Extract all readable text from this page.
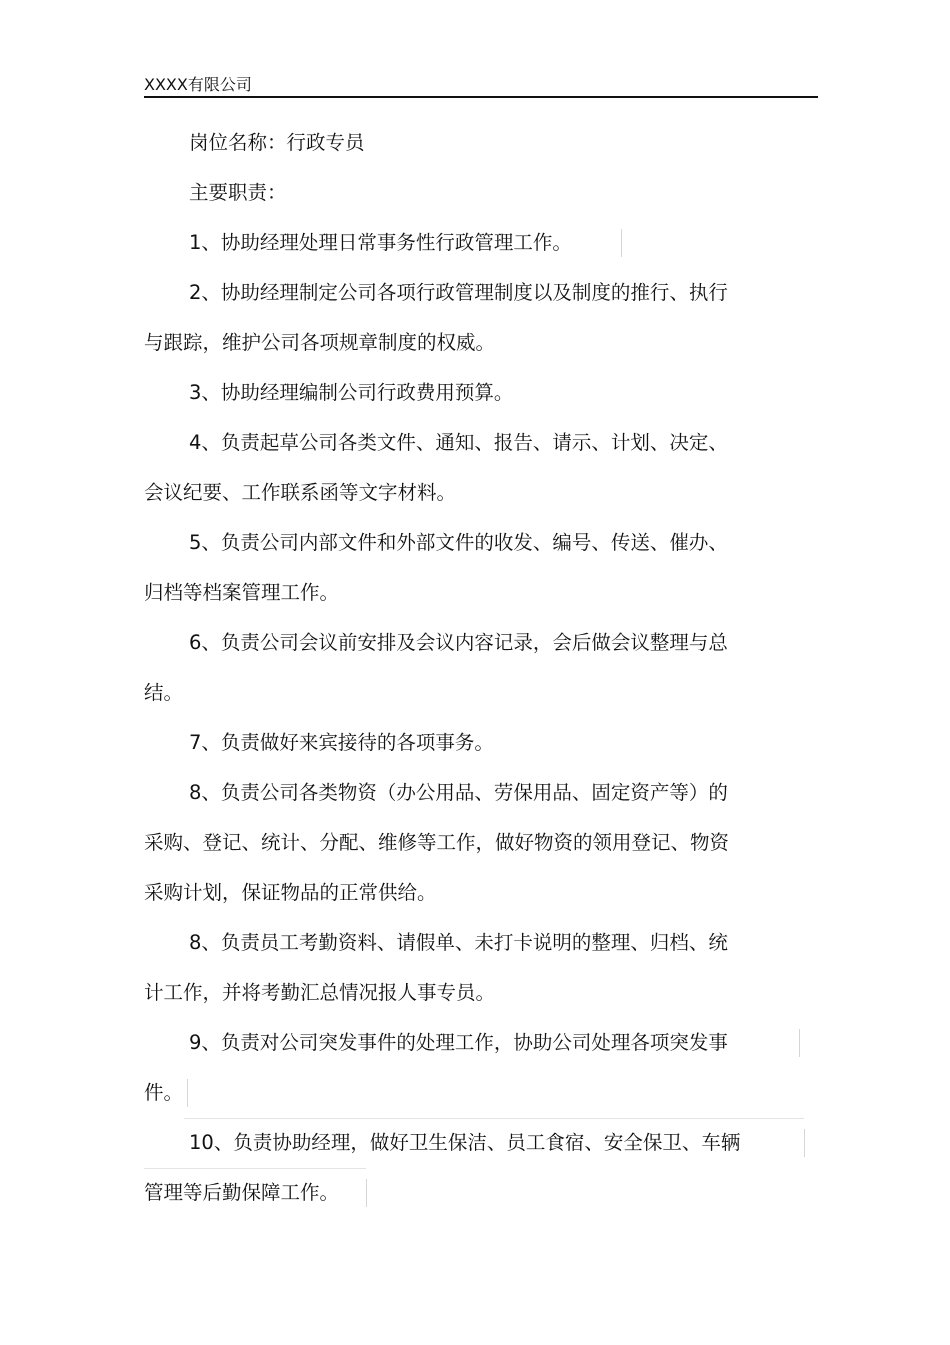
XXXX有限公司
岗位名称：行政专员
主要职责：
1、协助经理处理日常事务性行政管理工作。
2、协助经理制定公司各项行政管理制度以及制度的推行、执行
与跟踪，维护公司各项规章制度的权威。
3、协助经理编制公司行政费用预算。
4、负责起草公司各类文件、通知、报告、请示、计划、决定、
会议纪要、工作联系函等文字材料。
5、负责公司内部文件和外部文件的收发、编号、传送、催办、
归档等档案管理工作。
6、负责公司会议前安排及会议内容记录，会后做会议整理与总
结。
7、负责做好来宾接待的各项事务。
8、负责公司各类物资（办公用品、劳保用品、固定资产等）的
采购、登记、统计、分配、维修等工作，做好物资的领用登记、物资
采购计划，保证物品的正常供给。
8、负责员工考勤资料、请假单、未打卡说明的整理、归档、统
计工作，并将考勤汇总情况报人事专员。
9、负责对公司突发事件的处理工作，协助公司处理各项突发事
件。
10、负责协助经理，做好卫生保洁、员工食宿、安全保卫、车辆
管理等后勤保障工作。
